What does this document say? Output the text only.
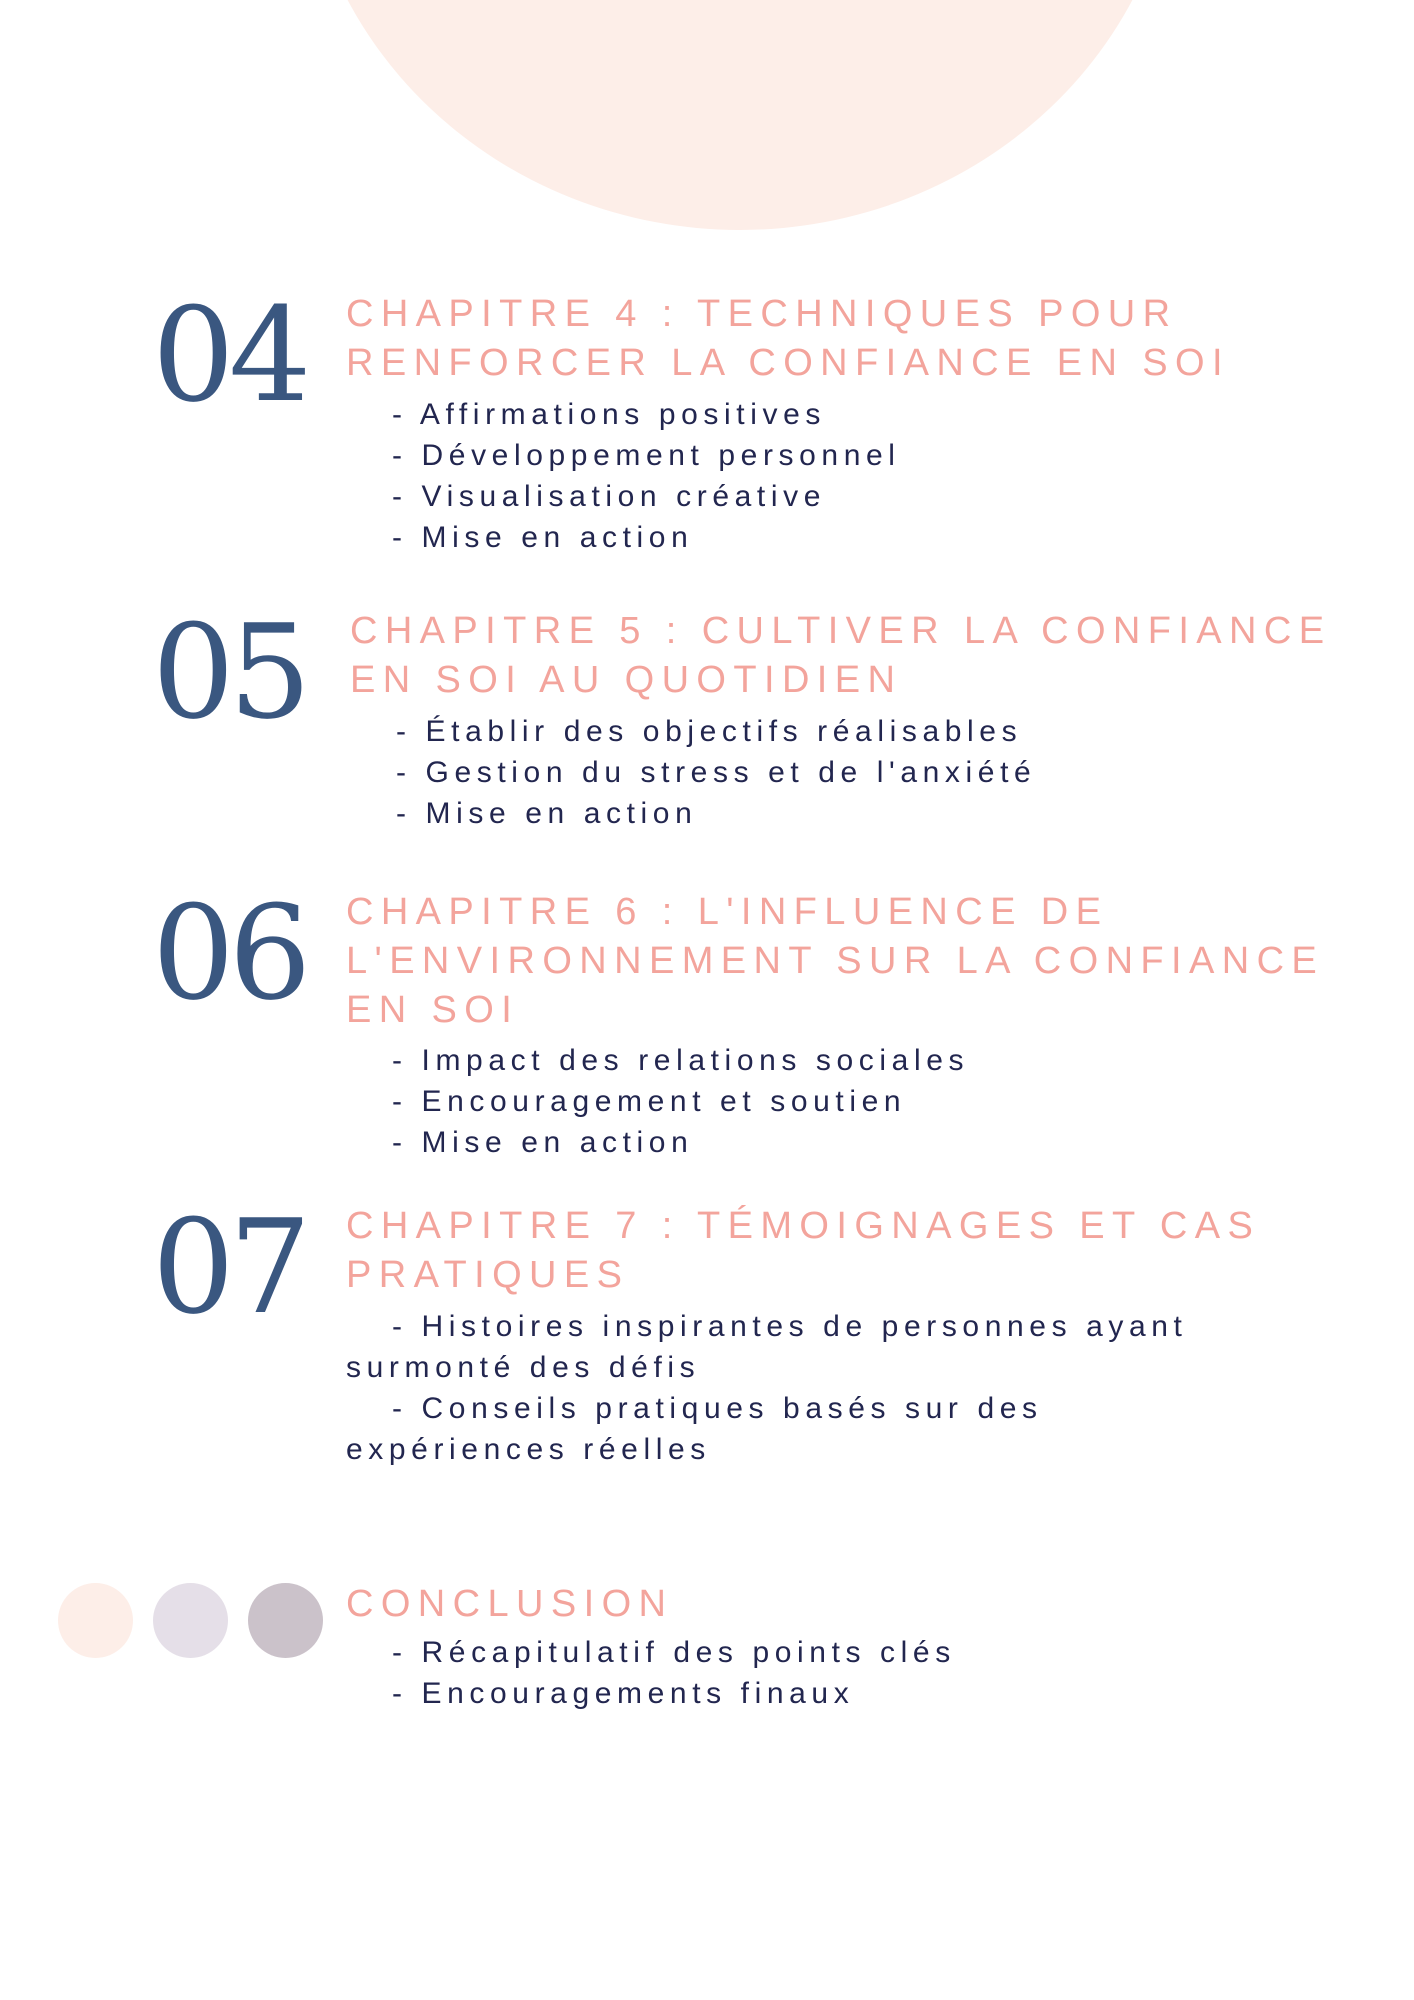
04 CHAPITRE 4 : TECHNIQUES POUR
RENFORCER LA CONFIANCE EN SOI
- Affirmations positives
- Développement personnel
- Visualisation créative
- Mise en action
05 CHAPITRE 5 : CULTIVER LA CONFIANCE
EN SOI AU QUOTIDIEN
- Établir des objectifs réalisables
- Gestion du stress et de l'anxiété
- Mise en action
06 CHAPITRE 6 : L'INFLUENCE DE
L'ENVIRONNEMENT SUR LA CONFIANCE
EN SOI
- Impact des relations sociales
- Encouragement et soutien
- Mise en action
07 CHAPITRE 7 : TÉMOIGNAGES ET CAS
PRATIQUES
- Histoires inspirantes de personnes ayant
surmonté des défis
- Conseils pratiques basés sur des
expériences réelles
CONCLUSION
- Récapitulatif des points clés
- Encouragements finaux
